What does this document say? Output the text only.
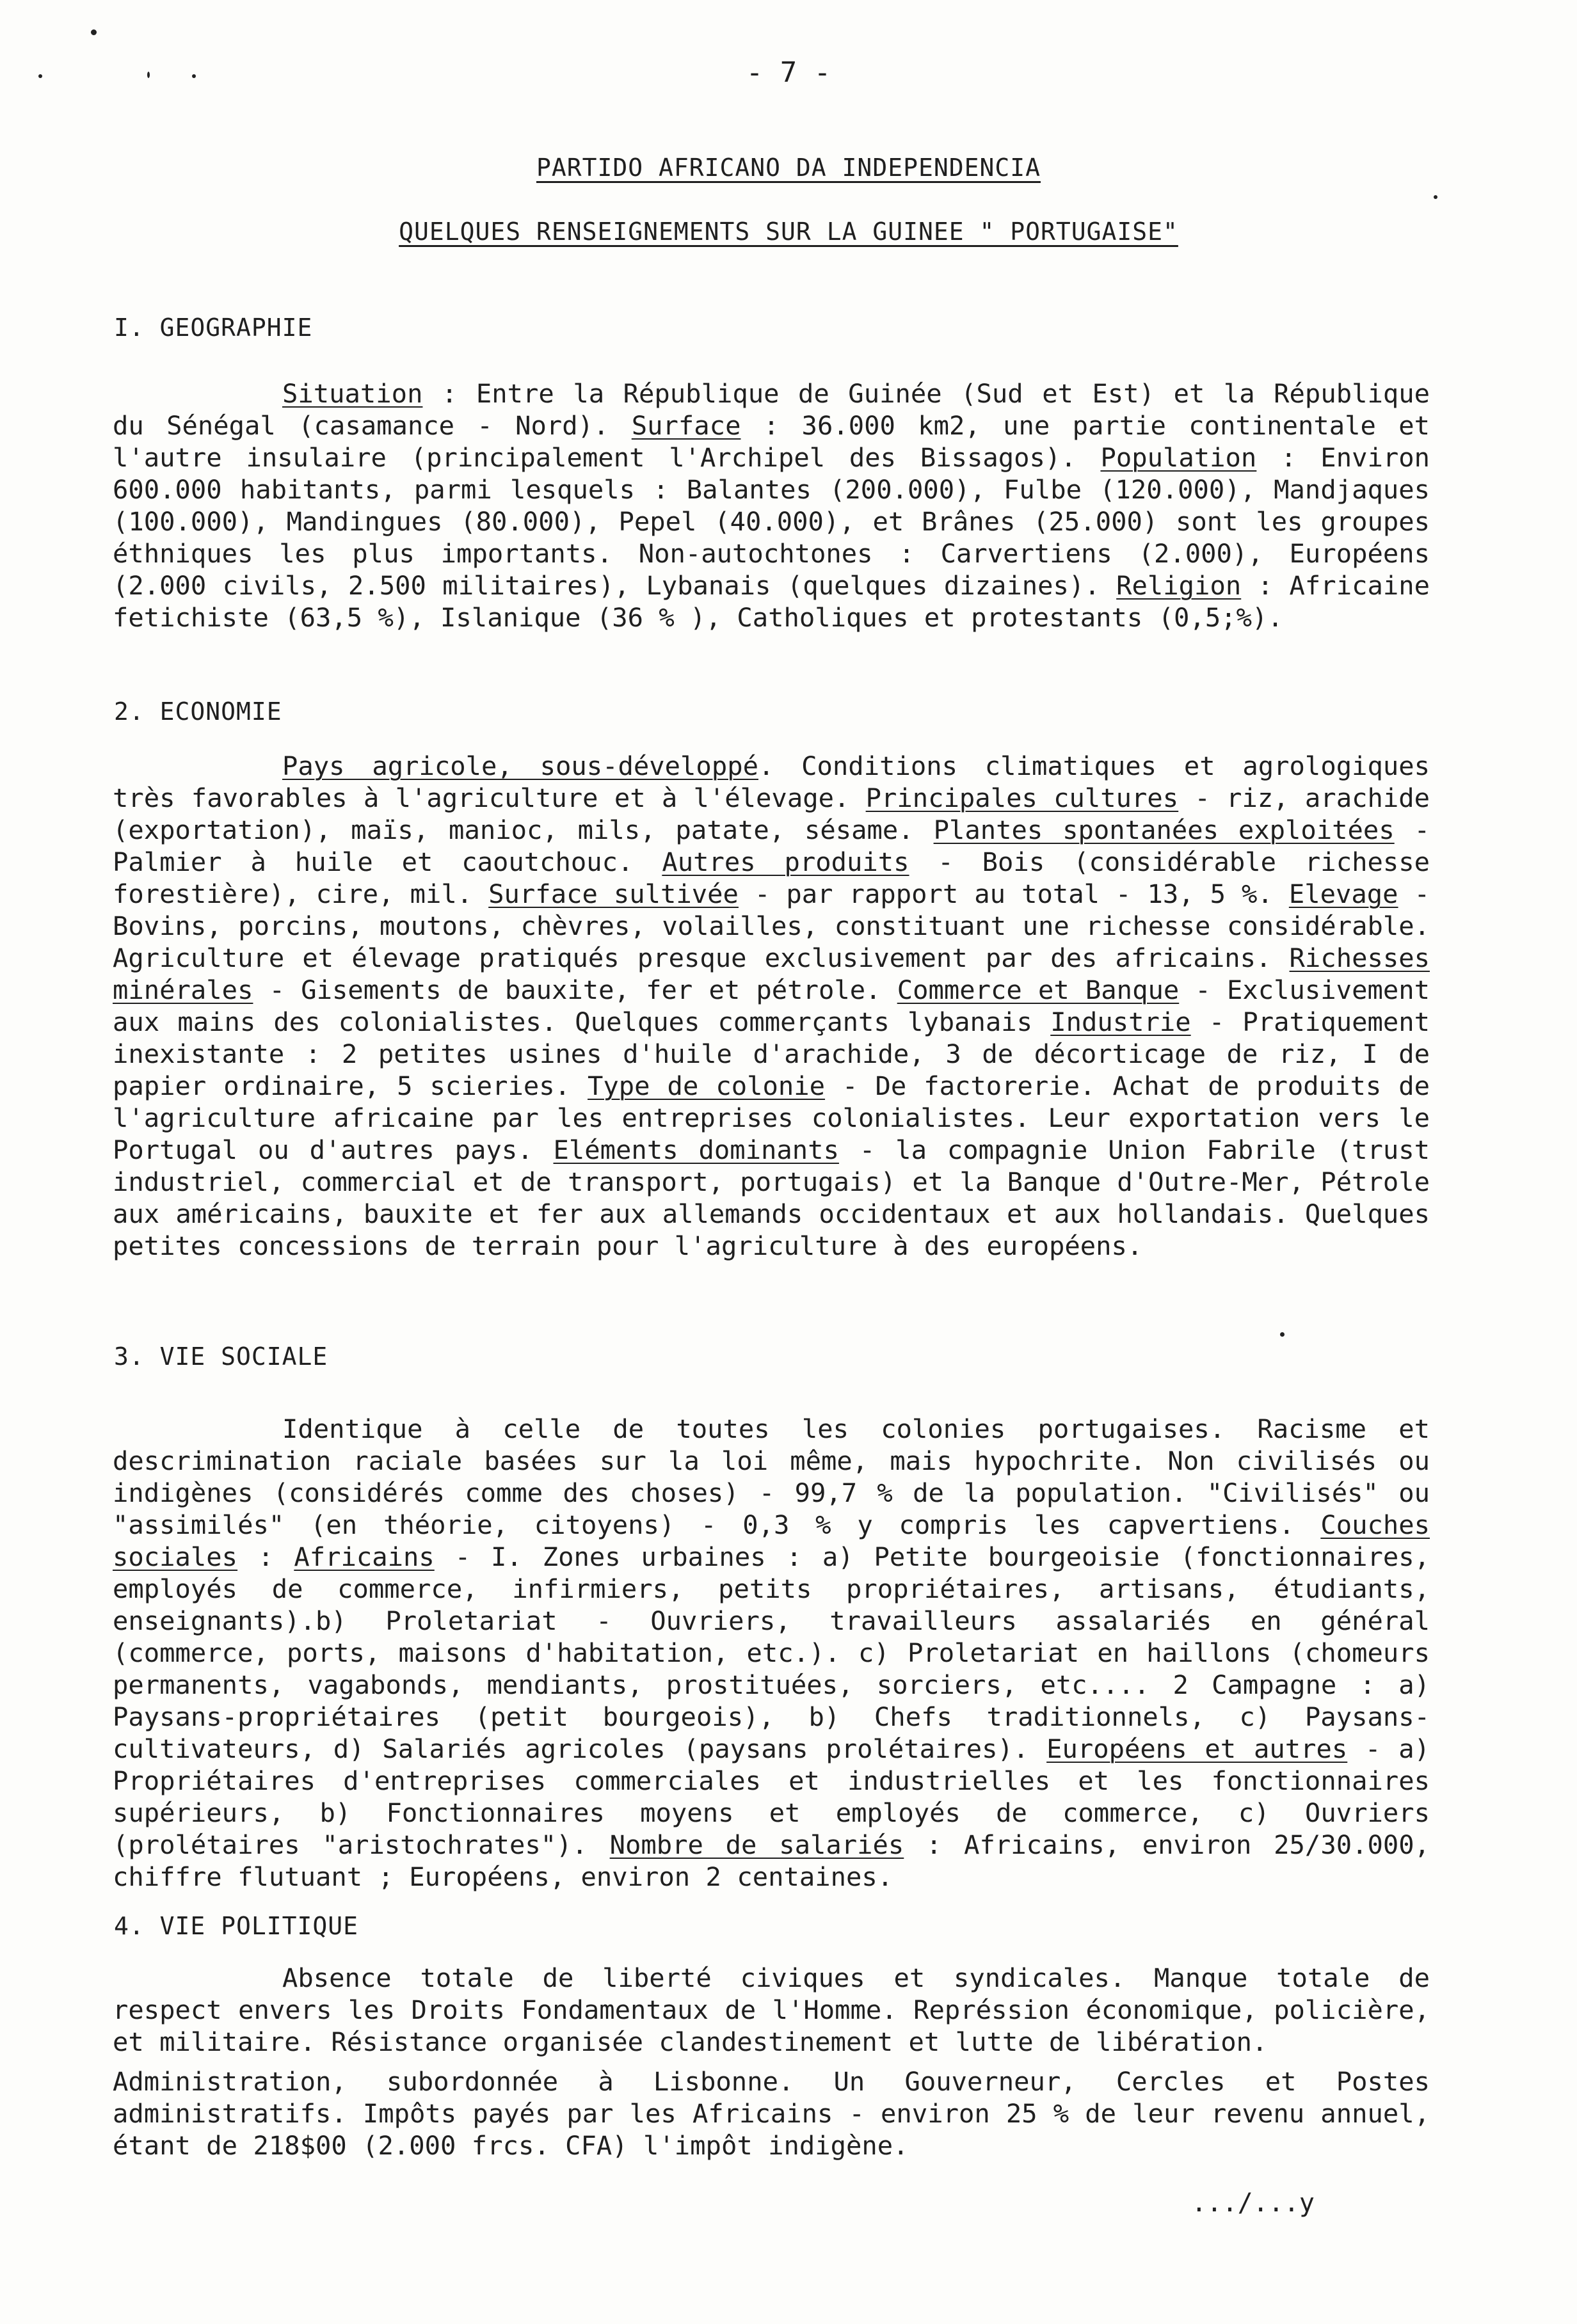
- 7 -
PARTIDO AFRICANO DA INDEPENDENCIA
QUELQUES RENSEIGNEMENTS SUR LA GUINEE " PORTUGAISE"
I. GEOGRAPHIE

Situation : Entre la République de Guinée (Sud et Est) et la République du Sénégal (casamance - Nord). Surface : 36.000 km2, une partie continentale et l'autre insulaire (principalement l'Archipel des Bissagos). Population : Environ 600.000 habitants, parmi lesquels : Balantes (200.000), Fulbe (120.000), Mandjaques (100.000), Mandingues (80.000), Pepel (40.000), et Brânes (25.000) sont les groupes éthniques les plus importants. Non-autochtones : Carvertiens (2.000), Européens (2.000 civils, 2.500 militaires), Lybanais (quelques dizaines). Religion : Africaine fetichiste (63,5 %), Islanique (36 % ), Catholiques et protestants (0,5;%).

2. ECONOMIE

Pays agricole, sous-développé. Conditions climatiques et agrologiques très favorables à l'agriculture et à l'élevage. Principales cultures - riz, arachide (exportation), maïs, manioc, mils, patate, sésame. Plantes spontanées exploitées - Palmier à huile et caoutchouc. Autres produits - Bois (considérable richesse forestière), cire, mil. Surface sultivée - par rapport au total - 13, 5 %. Elevage - Bovins, porcins, moutons, chèvres, volailles, constituant une richesse considérable. Agriculture et élevage pratiqués presque exclusivement par des africains. Richesses minérales - Gisements de bauxite, fer et pétrole. Commerce et Banque - Exclusivement aux mains des colonialistes. Quelques commerçants lybanais Industrie - Pratiquement inexistante : 2 petites usines d'huile d'arachide, 3 de décorticage de riz, I de papier ordinaire, 5 scieries. Type de colonie - De factorerie. Achat de produits de l'agriculture africaine par les entreprises colonialistes. Leur exportation vers le Portugal ou d'autres pays. Eléments dominants - la compagnie Union Fabrile (trust industriel, commercial et de transport, portugais) et la Banque d'Outre-Mer, Pétrole aux américains, bauxite et fer aux allemands occidentaux et aux hollandais. Quelques petites concessions de terrain pour l'agriculture à des européens.

3. VIE SOCIALE

Identique à celle de toutes les colonies portugaises. Racisme et descrimination raciale basées sur la loi même, mais hypochrite. Non civilisés ou indigènes (considérés comme des choses) - 99,7 % de la population. "Civilisés" ou "assimilés" (en théorie, citoyens) - 0,3 % y compris les capvertiens. Couches sociales : Africains - I. Zones urbaines : a) Petite bourgeoisie (fonctionnaires, employés de commerce, infirmiers, petits propriétaires, artisans, étudiants, enseignants).b) Proletariat - Ouvriers, travailleurs assalariés en général (commerce, ports, maisons d'habitation, etc.). c) Proletariat en haillons (chomeurs permanents, vagabonds, mendiants, prostituées, sorciers, etc.... 2 Campagne : a) Paysans-propriétaires (petit bourgeois), b) Chefs traditionnels, c) Paysans-cultivateurs, d) Salariés agricoles (paysans prolétaires). Européens et autres - a) Propriétaires d'entreprises commerciales et industrielles et les fonctionnaires supérieurs, b) Fonctionnaires moyens et employés de commerce, c) Ouvriers (prolétaires "aristochrates"). Nombre de salariés : Africains, environ 25/30.000, chiffre flutuant ; Européens, environ 2 centaines.

4. VIE POLITIQUE

Absence totale de liberté civiques et syndicales. Manque totale de respect envers les Droits Fondamentaux de l'Homme. Représsion économique, policière, et militaire. Résistance organisée clandestinement et lutte de libération.

Administration, subordonnée à Lisbonne. Un Gouverneur, Cercles et Postes administratifs. Impôts payés par les Africains - environ 25 % de leur revenu annuel, étant de 218$00 (2.000 frcs. CFA) l'impôt indigène.

.../...y
